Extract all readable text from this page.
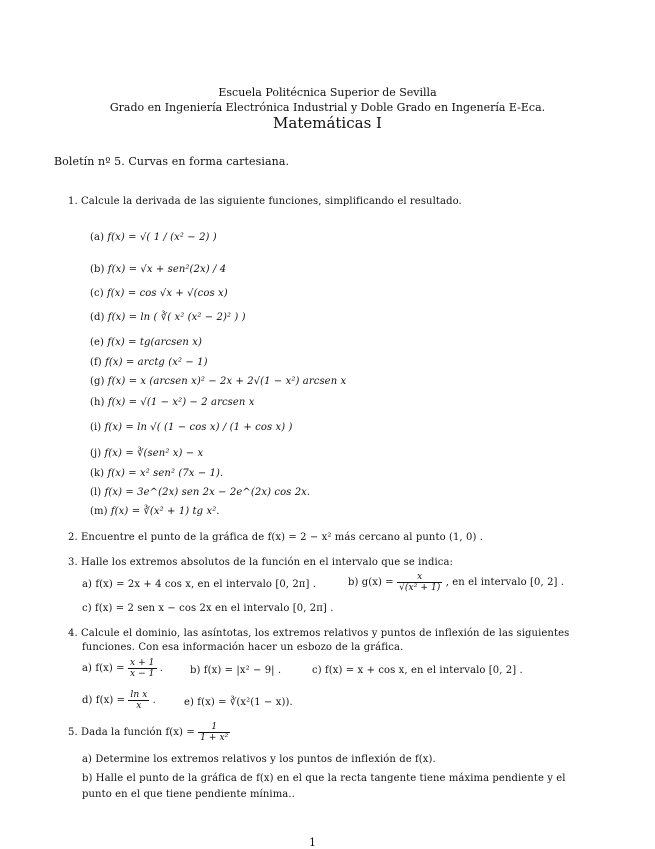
Escuela Politécnica Superior de Sevilla
Grado en Ingeniería Electrónica Industrial y Doble Grado en Ingenería E-Eca.
Matemáticas I
Boletín nº 5. Curvas en forma cartesiana.
1. Calcule la derivada de las siguiente funciones, simplificando el resultado.
(a) f(x) = √( 1 / (x² − 2) )
(b) f(x) = √x + sen²(2x) / 4
(c) f(x) = cos √x + √(cos x)
(d) f(x) = ln ( ∛( x² (x² − 2)² ) )
(e) f(x) = tg(arcsen x)
(f) f(x) = arctg (x² − 1)
(g) f(x) = x (arcsen x)² − 2x + 2√(1 − x²) arcsen x
(h) f(x) = √(1 − x²) − 2 arcsen x
(i) f(x) = ln √( (1 − cos x) / (1 + cos x) )
(j) f(x) = ∛(sen² x) − x
(k) f(x) = x² sen² (7x − 1).
(l) f(x) = 3e^(2x) sen 2x − 2e^(2x) cos 2x.
(m) f(x) = ∛(x² + 1) tg x².
2. Encuentre el punto de la gráfica de f(x) = 2 − x² más cercano al punto (1, 0) .
3. Halle los extremos absolutos de la función en el intervalo que se indica:
a) f(x) = 2x + 4 cos x, en el intervalo [0, 2π] .	b) $g(x) = \frac{x}{\text{√(x² + 1)}}$ , en el intervalo [0, 2] .
c) f(x) = 2 sen x − cos 2x en el intervalo [0, 2π] .
4. Calcule el dominio, las asíntotas, los extremos relativos y puntos de inflexión de las siguientes
funciones. Con esa información hacer un esbozo de la gráfica.
a) $f(x) = \frac{x + 1}{x - 1}$ .	b) f(x) = |x² − 9| .	c) f(x) = x + cos x, en el intervalo [0, 2] .
d) $f(x) = \frac{\text{ln x}}{x}$ .	e) f(x) = ∛(x²(1 − x)).
5. Dada la función $f(x) = \frac{1}{\text{1 + x²}}$
a) Determine los extremos relativos y los puntos de inflexión de f(x).
b) Halle el punto de la gráfica de f(x) en el que la recta tangente tiene máxima pendiente y el
punto en el que tiene pendiente mínima..
1
